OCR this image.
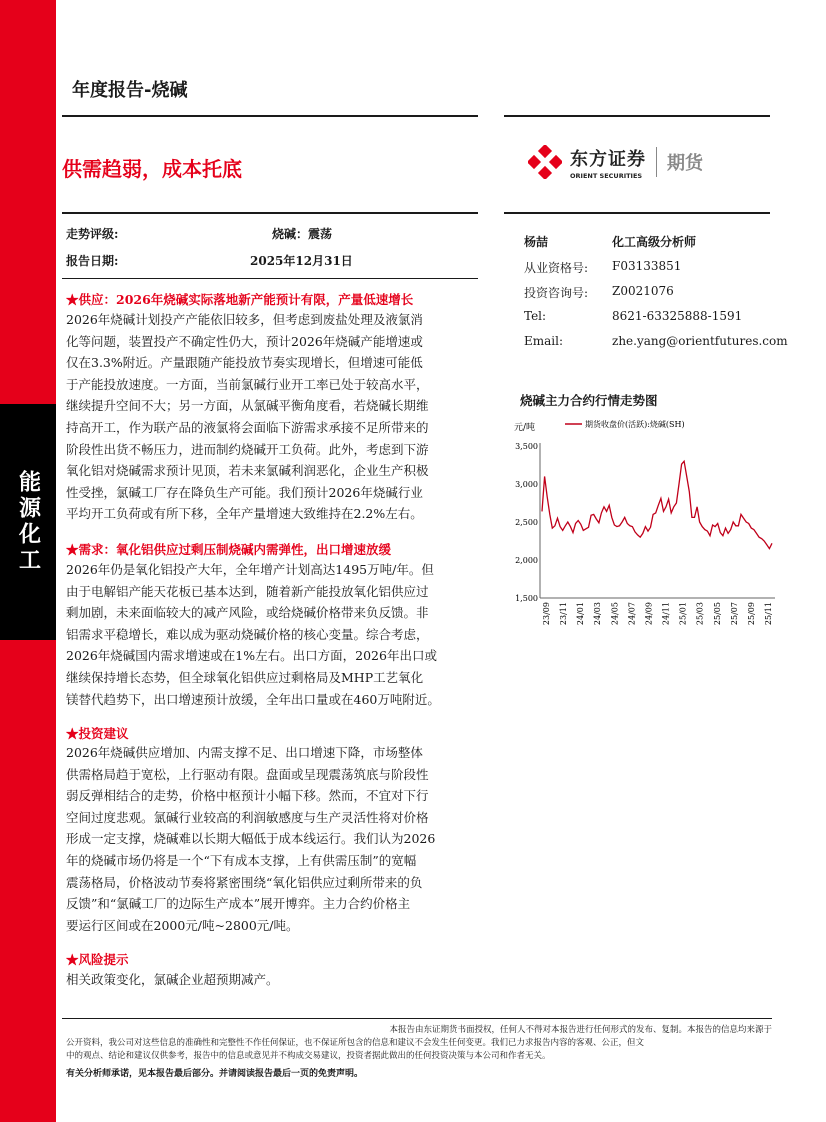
能源化工
年度报告-烧碱
供需趋弱，成本托底	东方证券
ORIENT SECURITIES
期货
走势评级:	烧碱：震荡
报告日期:	2025年12月31日
杨喆	化工高级分析师
从业资格号: F03133851
投资咨询号: Z0021076
Tel:	8621-63325888-1591
Email:	zhe.yang@orientfutures.com
★供应：2026年烧碱实际落地新产能预计有限，产量低速增长
2026年烧碱计划投产产能依旧较多，但考虑到废盐处理及液氯消
化等问题，装置投产不确定性仍大，预计2026年烧碱产能增速或
仅在3.3%附近。产量跟随产能投放节奏实现增长，但增速可能低
于产能投放速度。一方面，当前氯碱行业开工率已处于较高水平，
继续提升空间不大；另一方面，从氯碱平衡角度看，若烧碱长期维
持高开工，作为联产品的液氯将会面临下游需求承接不足所带来的
阶段性出货不畅压力，进而制约烧碱开工负荷。此外，考虑到下游
氧化铝对烧碱需求预计见顶，若未来氯碱利润恶化，企业生产积极
性受挫，氯碱工厂存在降负生产可能。我们预计2026年烧碱行业
平均开工负荷或有所下移，全年产量增速大致维持在2.2%左右。
★需求：氧化铝供应过剩压制烧碱内需弹性，出口增速放缓
2026年仍是氧化铝投产大年，全年增产计划高达1495万吨/年。但
由于电解铝产能天花板已基本达到，随着新产能投放氧化铝供应过
剩加剧，未来面临较大的减产风险，或给烧碱价格带来负反馈。非
铝需求平稳增长，难以成为驱动烧碱价格的核心变量。综合考虑，
2026年烧碱国内需求增速或在1%左右。出口方面，2026年出口或
继续保持增长态势，但全球氧化铝供应过剩格局及MHP工艺氧化
镁替代趋势下，出口增速预计放缓，全年出口量或在460万吨附近。
★投资建议
2026年烧碱供应增加、内需支撑不足、出口增速下降，市场整体
供需格局趋于宽松，上行驱动有限。盘面或呈现震荡筑底与阶段性
弱反弹相结合的走势，价格中枢预计小幅下移。然而，不宜对下行
空间过度悲观。氯碱行业较高的利润敏感度与生产灵活性将对价格
形成一定支撑，烧碱难以长期大幅低于成本线运行。我们认为2026
年的烧碱市场仍将是一个“下有成本支撑，上有供需压制”的宽幅
震荡格局，价格波动节奏将紧密围绕“氧化铝供应过剩所带来的负
反馈”和“氯碱工厂的边际生产成本”展开博弈。主力合约价格主
要运行区间或在2000元/吨~2800元/吨。
★风险提示
相关政策变化，氯碱企业超预期减产。
烧碱主力合约行情走势图
元/吨	期货收盘价(活跃):烧碱(SH)
1,500
2,000
2,500
3,000
3,500
23/09 23/11 24/01 24/03 24/05 24/07 24/09 24/11 25/01 25/03 25/05 25/07 25/09 25/11
本报告由东证期货书面授权，任何人不得对本报告进行任何形式的发布、复制。本报告的信息均来源于
公开资料，我公司对这些信息的准确性和完整性不作任何保证，也不保证所包含的信息和建议不会发生任何变更。我们已力求报告内容的客观、公正，但文
中的观点、结论和建议仅供参考，报告中的信息或意见并不构成交易建议，投资者据此做出的任何投资决策与本公司和作者无关。
有关分析师承诺，见本报告最后部分。并请阅读报告最后一页的免责声明。
